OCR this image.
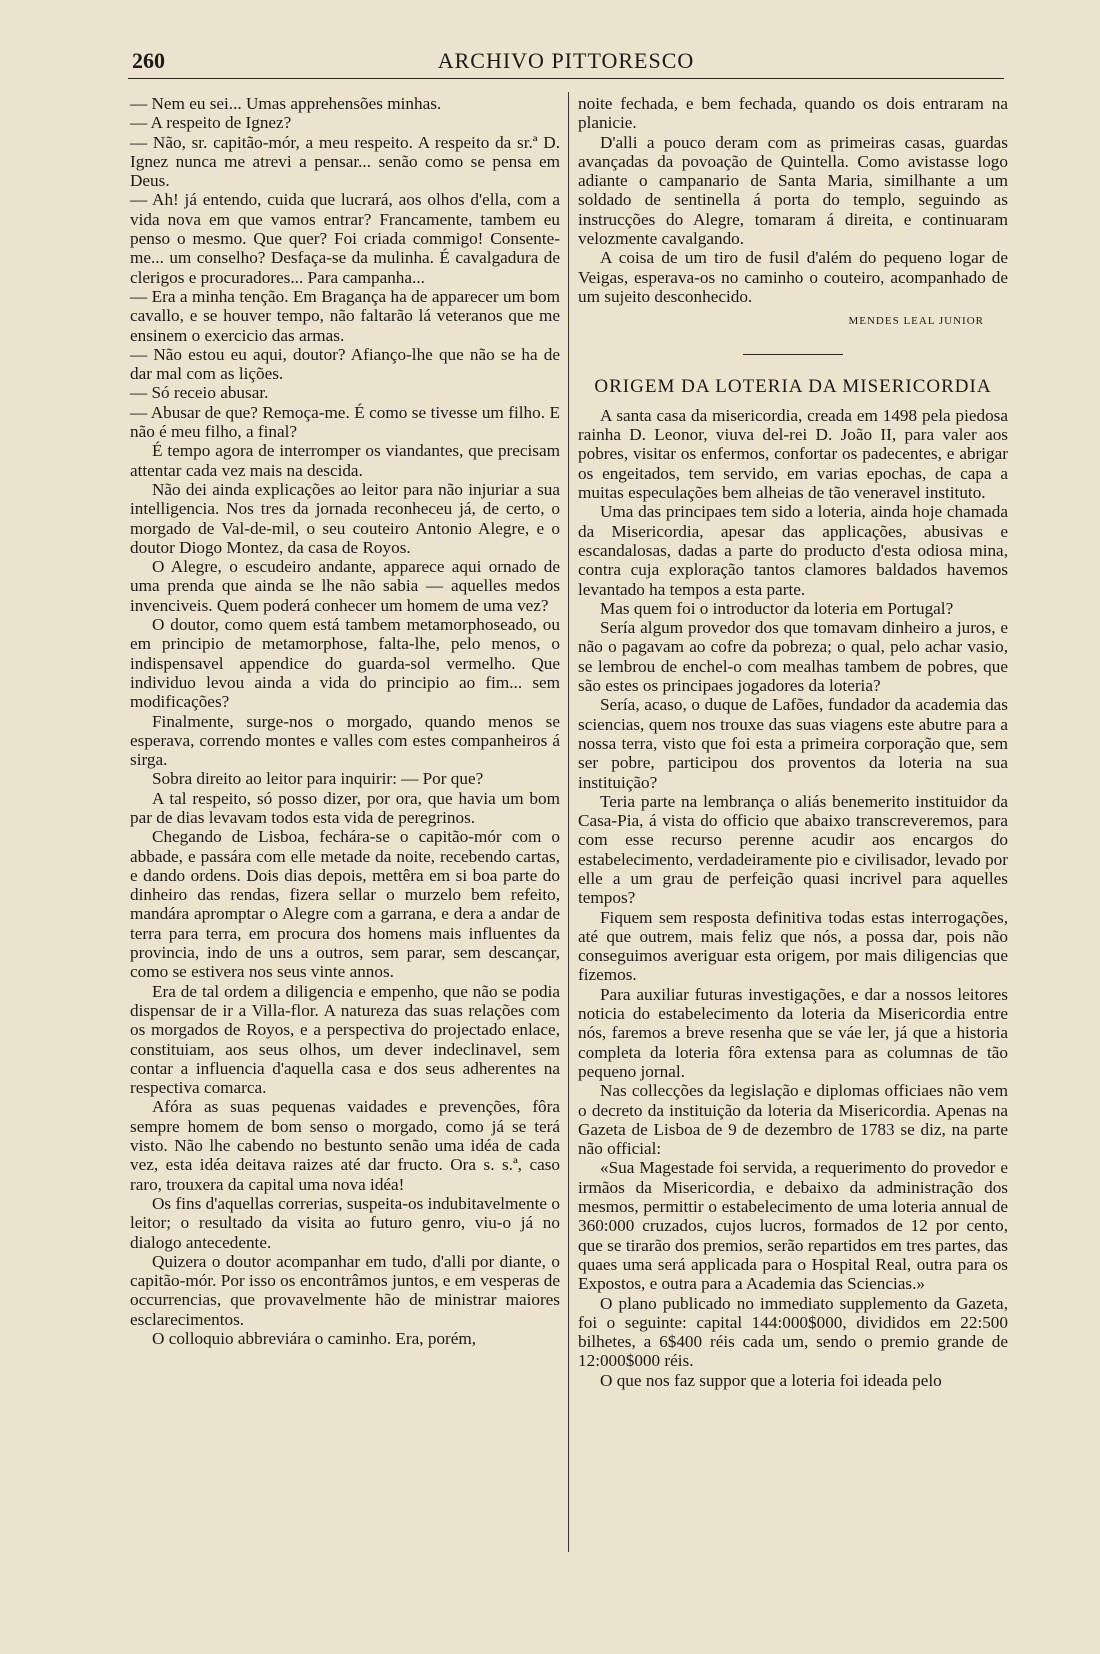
260	ARCHIVO PITTORESCO

— Nem eu sei... Umas apprehensões minhas.

— A respeito de Ignez?

— Não, sr. capitão-mór, a meu respeito. A respeito da sr.ª D. Ignez nunca me atrevi a pensar... senão como se pensa em Deus.

— Ah! já entendo, cuida que lucrará, aos olhos d'ella, com a vida nova em que vamos entrar? Francamente, tambem eu penso o mesmo. Que quer? Foi criada commigo! Consente-me... um conselho? Desfaça-se da mulinha. É cavalgadura de clerigos e procuradores... Para campanha...

— Era a minha tenção. Em Bragança ha de apparecer um bom cavallo, e se houver tempo, não faltarão lá veteranos que me ensinem o exercicio das armas.

— Não estou eu aqui, doutor? Afianço-lhe que não se ha de dar mal com as lições.

— Só receio abusar.

— Abusar de que? Remoça-me. É como se tivesse um filho. E não é meu filho, a final?

É tempo agora de interromper os viandantes, que precisam attentar cada vez mais na descida.

Não dei ainda explicações ao leitor para não injuriar a sua intelligencia. Nos tres da jornada reconheceu já, de certo, o morgado de Val-de-mil, o seu couteiro Antonio Alegre, e o doutor Diogo Montez, da casa de Royos.

O Alegre, o escudeiro andante, apparece aqui ornado de uma prenda que ainda se lhe não sabia — aquelles medos invenciveis. Quem poderá conhecer um homem de uma vez?

O doutor, como quem está tambem metamorphoseado, ou em principio de metamorphose, falta-lhe, pelo menos, o indispensavel appendice do guarda-sol vermelho. Que individuo levou ainda a vida do principio ao fim... sem modificações?

Finalmente, surge-nos o morgado, quando menos se esperava, correndo montes e valles com estes companheiros á sirga.

Sobra direito ao leitor para inquirir: — Por que?

A tal respeito, só posso dizer, por ora, que havia um bom par de dias levavam todos esta vida de peregrinos.

Chegando de Lisboa, fechára-se o capitão-mór com o abbade, e passára com elle metade da noite, recebendo cartas, e dando ordens. Dois dias depois, mettêra em si boa parte do dinheiro das rendas, fizera sellar o murzelo bem refeito, mandára apromptar o Alegre com a garrana, e dera a andar de terra para terra, em procura dos homens mais influentes da provincia, indo de uns a outros, sem parar, sem descançar, como se estivera nos seus vinte annos.

Era de tal ordem a diligencia e empenho, que não se podia dispensar de ir a Villa-flor. A natureza das suas relações com os morgados de Royos, e a perspectiva do projectado enlace, constituiam, aos seus olhos, um dever indeclinavel, sem contar a influencia d'aquella casa e dos seus adherentes na respectiva comarca.

Afóra as suas pequenas vaidades e prevenções, fôra sempre homem de bom senso o morgado, como já se terá visto. Não lhe cabendo no bestunto senão uma idéa de cada vez, esta idéa deitava raizes até dar fructo. Ora s. s.ª, caso raro, trouxera da capital uma nova idéa!

Os fins d'aquellas correrias, suspeita-os indubitavelmente o leitor; o resultado da visita ao futuro genro, viu-o já no dialogo antecedente.

Quizera o doutor acompanhar em tudo, d'alli por diante, o capitão-mór. Por isso os encontrâmos juntos, e em vesperas de occurrencias, que provavelmente hão de ministrar maiores esclarecimentos.

O colloquio abbreviára o caminho. Era, porém,

noite fechada, e bem fechada, quando os dois entraram na planicie.

D'alli a pouco deram com as primeiras casas, guardas avançadas da povoação de Quintella. Como avistasse logo adiante o campanario de Santa Maria, similhante a um soldado de sentinella á porta do templo, seguindo as instrucções do Alegre, tomaram á direita, e continuaram velozmente cavalgando.

A coisa de um tiro de fusil d'além do pequeno logar de Veigas, esperava-os no caminho o couteiro, acompanhado de um sujeito desconhecido.

MENDES LEAL JUNIOR
ORIGEM DA LOTERIA DA MISERICORDIA

A santa casa da misericordia, creada em 1498 pela piedosa rainha D. Leonor, viuva del-rei D. João II, para valer aos pobres, visitar os enfermos, confortar os padecentes, e abrigar os engeitados, tem servido, em varias epochas, de capa a muitas especulações bem alheias de tão veneravel instituto.

Uma das principaes tem sido a loteria, ainda hoje chamada da Misericordia, apesar das applicações, abusivas e escandalosas, dadas a parte do producto d'esta odiosa mina, contra cuja exploração tantos clamores baldados havemos levantado ha tempos a esta parte.

Mas quem foi o introductor da loteria em Portugal?

Sería algum provedor dos que tomavam dinheiro a juros, e não o pagavam ao cofre da pobreza; o qual, pelo achar vasio, se lembrou de enchel-o com mealhas tambem de pobres, que são estes os principaes jogadores da loteria?

Sería, acaso, o duque de Lafões, fundador da academia das sciencias, quem nos trouxe das suas viagens este abutre para a nossa terra, visto que foi esta a primeira corporação que, sem ser pobre, participou dos proventos da loteria na sua instituição?

Teria parte na lembrança o aliás benemerito instituidor da Casa-Pia, á vista do officio que abaixo transcreveremos, para com esse recurso perenne acudir aos encargos do estabelecimento, verdadeiramente pio e civilisador, levado por elle a um grau de perfeição quasi incrivel para aquelles tempos?

Fiquem sem resposta definitiva todas estas interrogações, até que outrem, mais feliz que nós, a possa dar, pois não conseguimos averiguar esta origem, por mais diligencias que fizemos.

Para auxiliar futuras investigações, e dar a nossos leitores noticia do estabelecimento da loteria da Misericordia entre nós, faremos a breve resenha que se váe ler, já que a historia completa da loteria fôra extensa para as columnas de tão pequeno jornal.

Nas collecções da legislação e diplomas officiaes não vem o decreto da instituição da loteria da Misericordia. Apenas na Gazeta de Lisboa de 9 de dezembro de 1783 se diz, na parte não official:

«Sua Magestade foi servida, a requerimento do provedor e irmãos da Misericordia, e debaixo da administração dos mesmos, permittir o estabelecimento de uma loteria annual de 360:000 cruzados, cujos lucros, formados de 12 por cento, que se tirarão dos premios, serão repartidos em tres partes, das quaes uma será applicada para o Hospital Real, outra para os Expostos, e outra para a Academia das Sciencias.»

O plano publicado no immediato supplemento da Gazeta, foi o seguinte: capital 144:000$000, divididos em 22:500 bilhetes, a 6$400 réis cada um, sendo o premio grande de 12:000$000 réis.

O que nos faz suppor que a loteria foi ideada pelo
